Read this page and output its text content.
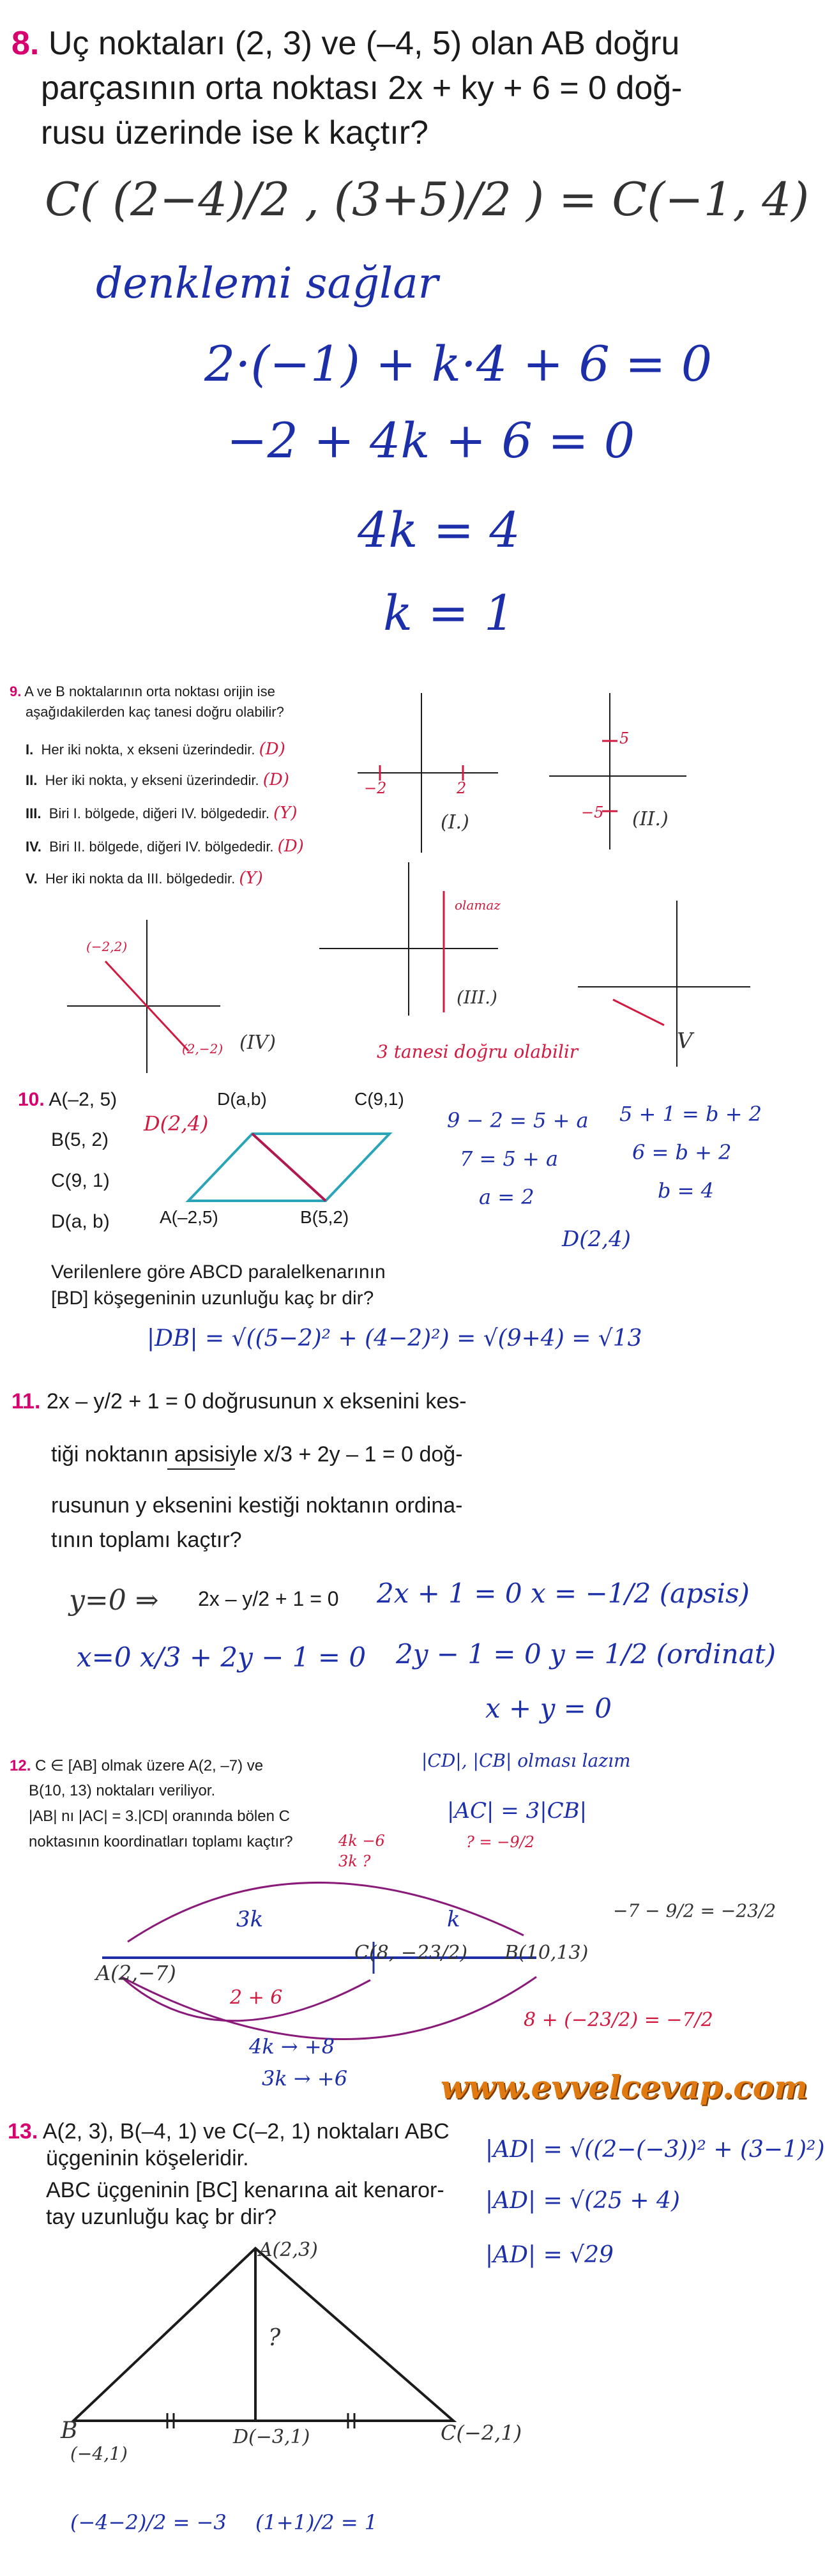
8. Uç noktaları (2, 3) ve (–4, 5) olan AB doğru
parçasının orta noktası 2x + ky + 6 = 0 doğ-
rusu üzerinde ise k kaçtır?
C( (2−4)/2 , (3+5)/2 ) = C(−1, 4)
denklemi sağlar
2·(−1) + k·4 + 6 = 0
−2 + 4k + 6 = 0
4k = 4
k = 1
9. A ve B noktalarının orta noktası orijin ise
aşağıdakilerden kaç tanesi doğru olabilir?
I. Her iki nokta, x ekseni üzerindedir. (D)
II. Her iki nokta, y ekseni üzerindedir. (D)
III. Biri I. bölgede, diğeri IV. bölgededir. (Y)
IV. Biri II. bölgede, diğeri IV. bölgededir. (D)
V. Her iki nokta da III. bölgededir. (Y)
−2	2
(I.)
5
−5 (II.)
olamaz
(III.)
(−2,2)
(2,−2) (IV)	V
3 tanesi doğru olabilir
10. A(–2, 5)
B(5, 2)
C(9, 1)
D(a, b)
D(a,b)	C(9,1)
A(–2,5)	B(5,2)
D(2,4)
Verilenlere göre ABCD paralelkenarının
[BD] köşegeninin uzunluğu kaç br dir?
9 − 2 = 5 + a
7 = 5 + a
a = 2
5 + 1 = b + 2
6 = b + 2
b = 4
D(2,4)
|DB| = √((5−2)² + (4−2)²) = √(9+4) = √13
11. 2x – y/2 + 1 = 0 doğrusunun x eksenini kes-
tiği noktanın apsisiyle x/3 + 2y – 1 = 0 doğ-
rusunun y eksenini kestiği noktanın ordina-
tının toplamı kaçtır?
y=0 ⇒ 2x – y/2 + 1 = 0 2x + 1 = 0 x = −1/2 (apsis)
x=0 x/3 + 2y − 1 = 0 2y − 1 = 0 y = 1/2 (ordinat)
x + y = 0
12. C ∈ [AB] olmak üzere A(2, –7) ve
B(10, 13) noktaları veriliyor.
|AB| nı |AC| = 3.|CD| oranında bölen C
noktasının koordinatları toplamı kaçtır?
|CD|, |CB| olması lazım
|AC| = 3|CB|
4k −6
3k ?
? = −9/2
−7 − 9/2 = −23/2
3k	k
A(2,−7)
C(8, −23/2) B(10,13)
2 + 6
4k → +8
3k → +6
8 + (−23/2) = −7/2
www.evvelcevap.com
13. A(2, 3), B(–4, 1) ve C(–2, 1) noktaları ABC
üçgeninin köşeleridir.
ABC üçgeninin [BC] kenarına ait kenaror-
tay uzunluğu kaç br dir?
|AD| = √((2−(−3))² + (3−1)²)
|AD| = √(25 + 4)
|AD| = √29
A(2,3)
?
B
(−4,1)
D(−3,1)	C(−2,1)
(−4−2)/2 = −3 (1+1)/2 = 1
